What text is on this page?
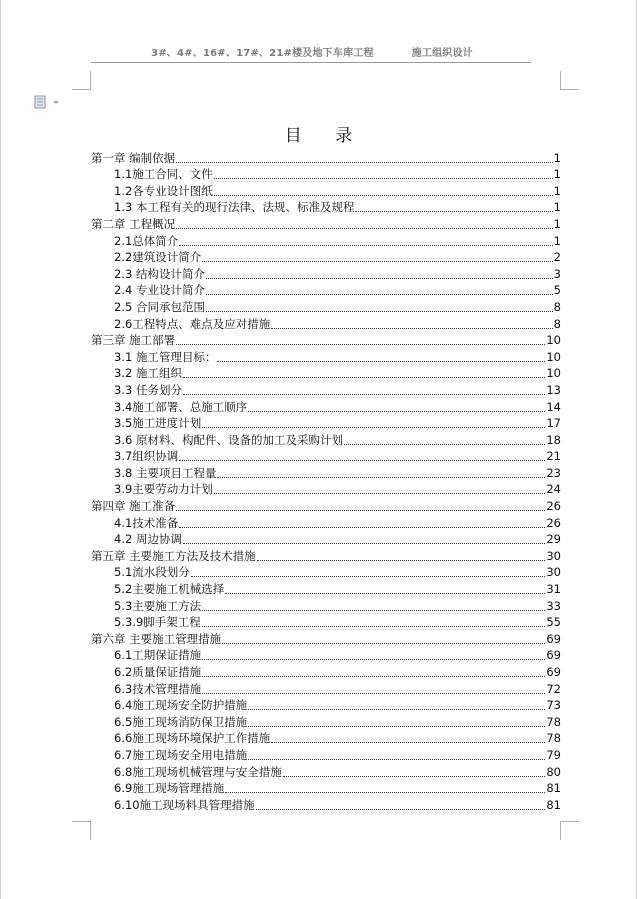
3#、4#、16#、17#、21#楼及地下车库工程	施工组织设计
目 录
第一章 编制依据	1
1.1施工合同、文件	1
1.2各专业设计图纸	1
1.3 本工程有关的现行法律、法规、标准及规程	1
第二章 工程概况	1
2.1总体简介	1
2.2建筑设计简介	2
2.3 结构设计简介	3
2.4 专业设计简介	5
2.5 合同承包范围	8
2.6工程特点、难点及应对措施	8
第三章 施工部署	10
3.1 施工管理目标：	10
3.2 施工组织	10
3.3 任务划分	13
3.4施工部署、总施工顺序	14
3.5施工进度计划	17
3.6 原材料、构配件、设备的加工及采购计划	18
3.7组织协调	21
3.8 主要项目工程量	23
3.9主要劳动力计划	24
第四章 施工准备	26
4.1技术准备	26
4.2 周边协调	29
第五章 主要施工方法及技术措施	30
5.1流水段划分	30
5.2主要施工机械选择	31
5.3主要施工方法	33
5.3.9脚手架工程	55
第六章 主要施工管理措施	69
6.1工期保证措施	69
6.2质量保证措施	69
6.3技术管理措施	72
6.4施工现场安全防护措施	73
6.5施工现场消防保卫措施	78
6.6施工现场环境保护工作措施	78
6.7施工现场安全用电措施	79
6.8施工现场机械管理与安全措施	80
6.9施工现场管理措施	81
6.10施工现场料具管理措施	81
